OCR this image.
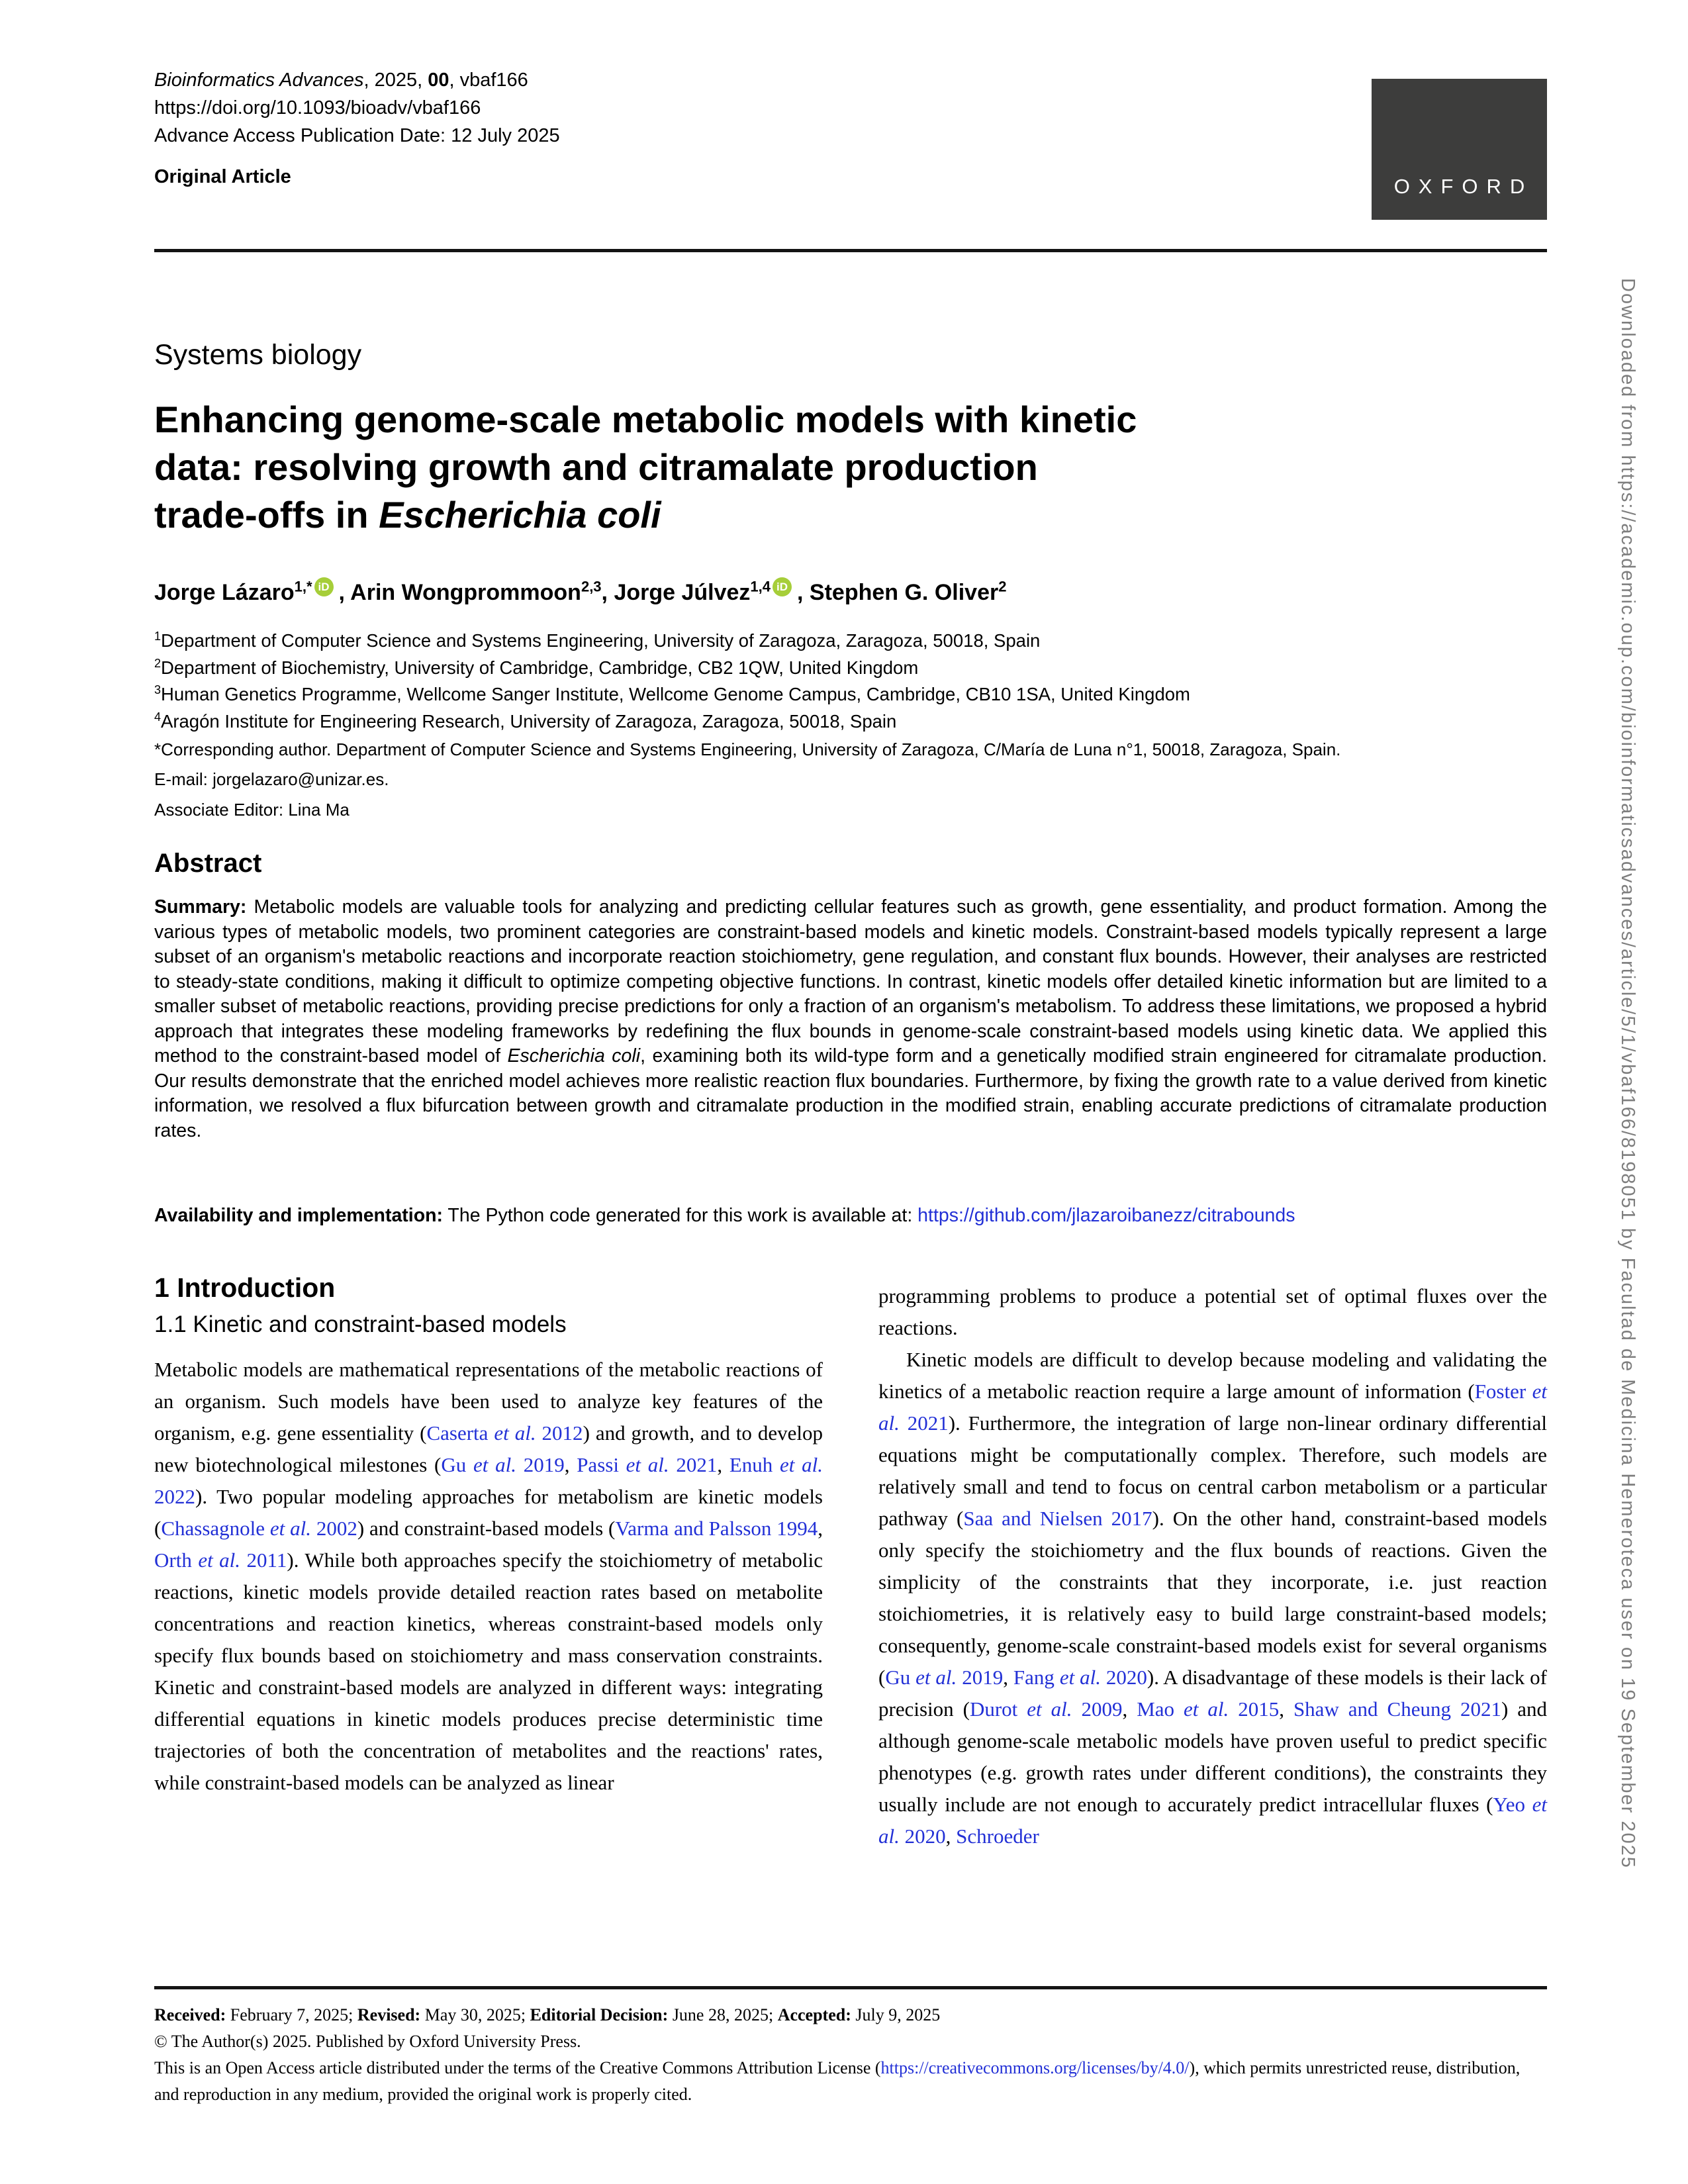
Downloaded from https://academic.oup.com/bioinformaticsadvances/article/5/1/vbaf166/8198051 by Facultad de Medicina Hemeroteca user on 19 September 2025
Bioinformatics Advances, 2025, 00, vbaf166
https://doi.org/10.1093/bioadv/vbaf166
Advance Access Publication Date: 12 July 2025
Original Article	OXFORD
Systems biology
Enhancing genome-scale metabolic models with kinetic
data: resolving growth and citramalate production
trade-offs in Escherichia coli
Jorge Lázaro$^{1,*}$ iD , Arin Wongprommoon$^{2,3}$, Jorge Júlvez$^{1,4}$ iD , Stephen G. Oliver$^2$
$^1$Department of Computer Science and Systems Engineering, University of Zaragoza, Zaragoza, 50018, Spain
$^2$Department of Biochemistry, University of Cambridge, Cambridge, CB2 1QW, United Kingdom
$^3$Human Genetics Programme, Wellcome Sanger Institute, Wellcome Genome Campus, Cambridge, CB10 1SA, United Kingdom
$^4$Aragón Institute for Engineering Research, University of Zaragoza, Zaragoza, 50018, Spain
*Corresponding author. Department of Computer Science and Systems Engineering, University of Zaragoza, C/María de Luna n°1, 50018, Zaragoza, Spain.
E-mail: jorgelazaro@unizar.es.
Associate Editor: Lina Ma
Abstract

Summary: Metabolic models are valuable tools for analyzing and predicting cellular features such as growth, gene essentiality, and product formation. Among the various types of metabolic models, two prominent categories are constraint-based models and kinetic models. Constraint-based models typically represent a large subset of an organism's metabolic reactions and incorporate reaction stoichiometry, gene regulation, and constant flux bounds. However, their analyses are restricted to steady-state conditions, making it difficult to optimize competing objective functions. In contrast, kinetic models offer detailed kinetic information but are limited to a smaller subset of metabolic reactions, providing precise predictions for only a fraction of an organism's metabolism. To address these limitations, we proposed a hybrid approach that integrates these modeling frameworks by redefining the flux bounds in genome-scale constraint-based models using kinetic data. We applied this method to the constraint-based model of Escherichia coli, examining both its wild-type form and a genetically modified strain engineered for citramalate production. Our results demonstrate that the enriched model achieves more realistic reaction flux boundaries. Furthermore, by fixing the growth rate to a value derived from kinetic information, we resolved a flux bifurcation between growth and citramalate production in the modified strain, enabling accurate predictions of citramalate production rates.

Availability and implementation: The Python code generated for this work is available at: https://github.com/jlazaroibanezz/citrabounds

1 Introduction
1.1 Kinetic and constraint-based models

Metabolic models are mathematical representations of the metabolic reactions of an organism. Such models have been used to analyze key features of the organism, e.g. gene essentiality (Caserta et al. 2012) and growth, and to develop new biotechnological milestones (Gu et al. 2019, Passi et al. 2021, Enuh et al. 2022). Two popular modeling approaches for metabolism are kinetic models (Chassagnole et al. 2002) and constraint-based models (Varma and Palsson 1994, Orth et al. 2011). While both approaches specify the stoichiometry of metabolic reactions, kinetic models provide detailed reaction rates based on metabolite concentrations and reaction kinetics, whereas constraint-based models only specify flux bounds based on stoichiometry and mass conservation constraints. Kinetic and constraint-based models are analyzed in different ways: integrating differential equations in kinetic models produces precise deterministic time trajectories of both the concentration of metabolites and the reactions' rates, while constraint-based models can be analyzed as linear

programming problems to produce a potential set of optimal fluxes over the reactions.

Kinetic models are difficult to develop because modeling and validating the kinetics of a metabolic reaction require a large amount of information (Foster et al. 2021). Furthermore, the integration of large non-linear ordinary differential equations might be computationally complex. Therefore, such models are relatively small and tend to focus on central carbon metabolism or a particular pathway (Saa and Nielsen 2017). On the other hand, constraint-based models only specify the stoichiometry and the flux bounds of reactions. Given the simplicity of the constraints that they incorporate, i.e. just reaction stoichiometries, it is relatively easy to build large constraint-based models; consequently, genome-scale constraint-based models exist for several organisms (Gu et al. 2019, Fang et al. 2020). A disadvantage of these models is their lack of precision (Durot et al. 2009, Mao et al. 2015, Shaw and Cheung 2021) and although genome-scale metabolic models have proven useful to predict specific phenotypes (e.g. growth rates under different conditions), the constraints they usually include are not enough to accurately predict intracellular fluxes (Yeo et al. 2020, Schroeder

Received: February 7, 2025; Revised: May 30, 2025; Editorial Decision: June 28, 2025; Accepted: July 9, 2025
© The Author(s) 2025. Published by Oxford University Press.
This is an Open Access article distributed under the terms of the Creative Commons Attribution License (https://creativecommons.org/licenses/by/4.0/), which permits unrestricted reuse, distribution, and reproduction in any medium, provided the original work is properly cited.
